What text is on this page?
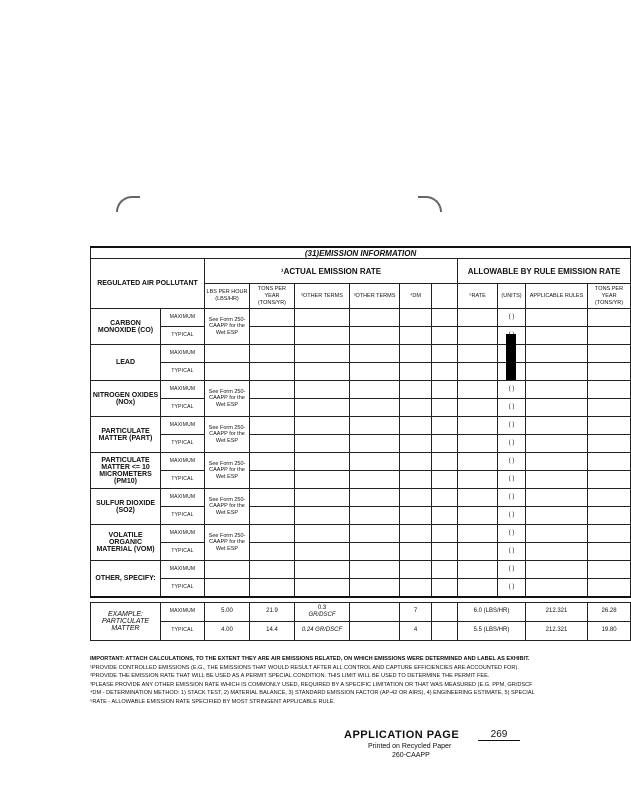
(31)EMISSION INFORMATION											
REGULATED AIR POLLUTANT		¹ACTUAL EMISSION RATE						ALLOWABLE BY RULE EMISSION RATE			
		LBS PER HOUR (LBS/HR)	TONS PER YEAR (TONS/YR)	²OTHER TERMS	³OTHER TERMS	⁴DM		⁵RATE	(UNITS)	APPLICABLE RULES	TONS PER YEAR (TONS/YR)
CARBON MONOXIDE (CO)	MAXIMUM	See Form 250-CAAPP for the Wet ESP							( )		
	TYPICAL									
LEAD	MAXIMUM										
	TYPICAL										
NITROGEN OXIDES (NOx)	MAXIMUM	See Form 250-CAAPP for the Wet ESP							( )		
	TYPICAL								( )		
PARTICULATE MATTER (PART)	MAXIMUM	See Form 250-CAAPP for the Wet ESP							( )		
	TYPICAL								( )		
PARTICULATE MATTER <= 10 MICROMETERS (PM10)	MAXIMUM	See Form 250-CAAPP for the Wet ESP							( )		
	TYPICAL								( )		
SULFUR DIOXIDE (SO2)	MAXIMUM	See Form 250-CAAPP for the Wet ESP							( )		
	TYPICAL								( )		
VOLATILE ORGANIC MATERIAL (VOM)	MAXIMUM	See Form 250-CAAPP for the Wet ESP							( )		
	TYPICAL								( )		
OTHER, SPECIFY:	MAXIMUM								( )		
	TYPICAL								( )		

EXAMPLE: PARTICULATE MATTER	MAXIMUM	5.00	21.9	0.3
GR/DSCF		7		6.0 (LBS/HR)		212.321	26.28
	TYPICAL	4.00	14.4	0.24 GR/DSCF		4		5.5 (LBS/HR)		212.321	19.80
IMPORTANT: ATTACH CALCULATIONS, TO THE EXTENT THEY ARE AIR EMISSIONS RELATED, ON WHICH EMISSIONS WERE DETERMINED AND LABEL AS EXHIBIT.
¹PROVIDE CONTROLLED EMISSIONS (E.G., THE EMISSIONS THAT WOULD RESULT AFTER ALL CONTROL AND CAPTURE EFFICIENCIES ARE ACCOUNTED FOR).
²PROVIDE THE EMISSION RATE THAT WILL BE USED AS A PERMIT SPECIAL CONDITION. THIS LIMIT WILL BE USED TO DETERMINE THE PERMIT FEE.
³PLEASE PROVIDE ANY OTHER EMISSION RATE WHICH IS COMMONLY USED, REQUIRED BY A SPECIFIC LIMITATION OR THAT WAS MEASURED (E.G. PPM, GR/DSCF
⁴DM - DETERMINATION METHOD: 1) STACK TEST, 2) MATERIAL BALANCE, 3) STANDARD EMISSION FACTOR (AP-42 OR AIRS), 4) ENGINEERING ESTIMATE, 5) SPECIAL
⁵RATE - ALLOWABLE EMISSION RATE SPECIFIED BY MOST STRINGENT APPLICABLE RULE.
APPLICATION PAGE	269
Printed on Recycled Paper
260-CAAPP
